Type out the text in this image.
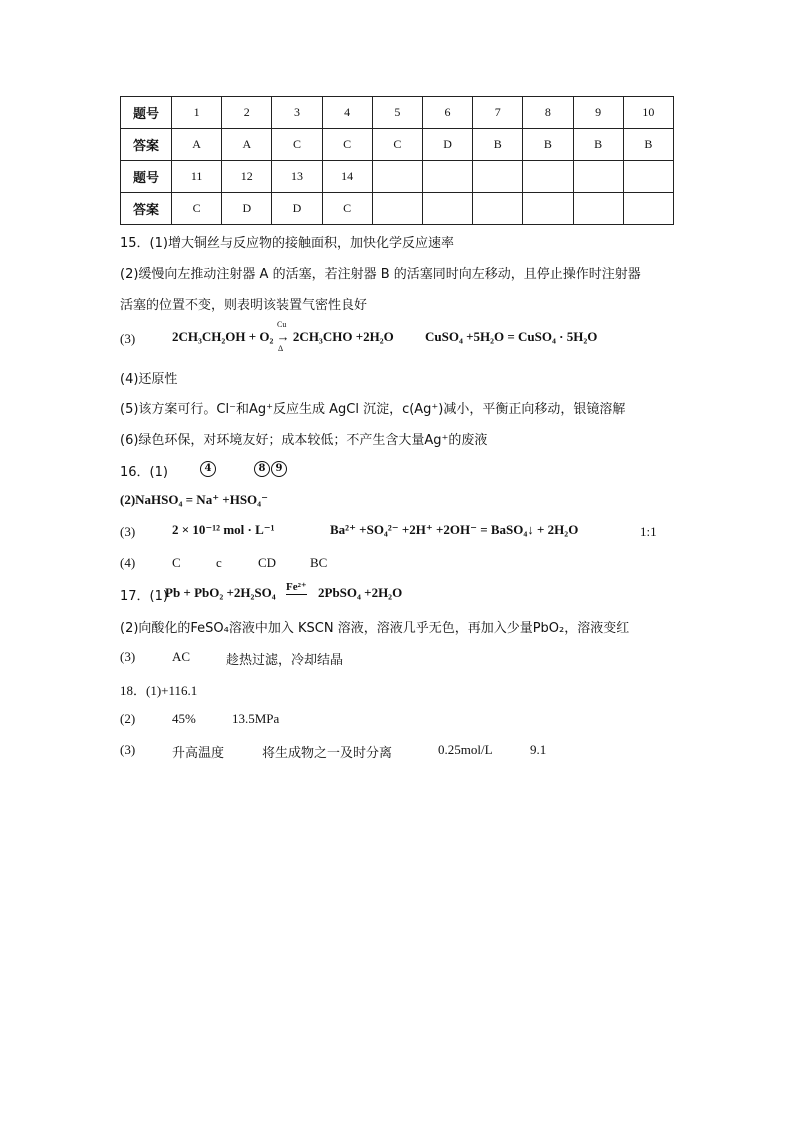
题号	1	2	3	4	5	6	7	8	9	10
答案	A	A	C	C	C	D	B	B	B	B
题号	11	12	13	14						
答案	C	D	D	C						
15．(1)增大铜丝与反应物的接触面积，加快化学反应速率
(2)缓慢向左推动注射器 A 的活塞，若注射器 B 的活塞同时向左移动，且停止操作时注射器
活塞的位置不变，则表明该装置气密性良好
(3)	2CH₃CH₂OH + O₂ → 2CH₃CHO +2H₂O
Cu
Δ
CuSO₄ +5H₂O = CuSO₄ · 5H₂O
(4)还原性
(5)该方案可行。Cl⁻和Ag⁺反应生成 AgCl 沉淀，c(Ag⁺)减小，平衡正向移动，银镜溶解
(6)绿色环保，对环境友好；成本较低；不产生含大量Ag⁺的废液
16．(1)	4	8	9
(2)NaHSO₄ = Na⁺ +HSO₄⁻
(3)	2 × 10⁻¹² mol · L⁻¹	Ba²⁺ +SO₄²⁻ +2H⁺ +2OH⁻ = BaSO₄↓ + 2H₂O	1:1
(4)	C	c	CD	BC
17．(1)
Pb + PbO₂ +2H₂SO₄ Fe²⁺ 2PbSO₄ +2H₂O
(2)向酸化的FeSO₄溶液中加入 KSCN 溶液，溶液几乎无色，再加入少量PbO₂，溶液变红
(3)	AC	趁热过滤，冷却结晶
18．(1)+116.1
(2)	45%	13.5MPa
(3)	升高温度	将生成物之一及时分离	0.25mol/L	9.1
